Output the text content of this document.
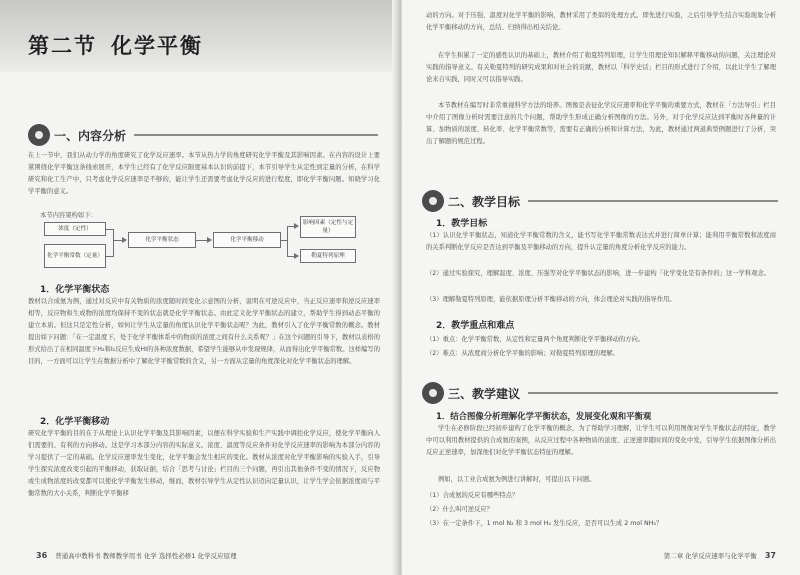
第二节 化学平衡
一、内容分析
在上一节中，我们从动力学的角度研究了化学反应速率。本节从热力学的角度研究化学平衡及其影响因素。在内容的设计上要紧围绕化学平衡这条线索展开，本学生已经有了化学反应限度基本认识的前提下，本节引导学生从定性到定量的分析，在科学研究和化工生产中，只考虑化学反应速率是不够的，能让学生还需要考虑化学反应的进行程度，即化学平衡问题。知晓学习化学平衡的意义。
本节内容架构如下：
浓度（定性）
化学平衡常数（定量）
化学平衡状态	化学平衡移动
影响因素（定性与定量）
勒夏特列原理
1．化学平衡状态
教材以合成氨为例，通过对反应中有关物质的浓度随时间变化示意图的分析，说明在可逆反应中，当正反应速率和逆反应速率相等，反应物和生成物的浓度均保持不变的状态就是化学平衡状态。由此定义化学平衡状态的建立，帮助学生得到动态平衡的建立本质。但这只是定性分析，如何让学生从定量的角度认识化学平衡状态呢？为此，教材引入了化学平衡常数的概念。教材提出如下问题：「在一定温度下，处于化学平衡体系中的物质的浓度之间有什么关系呢？」在这个问题的引导下，教材以表格的形式给出了在相同温度下H₂和I₂反应生成HI的各种浓度数据，希望学生能够从中发现规律，从而得出化学平衡常数。这样编写的目的，一方面可以让学生在数据分析中了解化学平衡常数的含义，另一方面从定量的角度深化对化学平衡状态的理解。
2．化学平衡移动
研究化学平衡的目的在于从理论上认识化学平衡及其影响因素，以便在科学实验和生产实践中调控化学反应，使化学平衡向人们需要的、有利的方向移动。这是学习本部分内容的实际意义。浓度、温度等反应条件对化学反应速率的影响为本部分内容的学习提供了一定的基础。化学反应速率发生变化，化学平衡会发生相应的变化。教材从浓度对化学平衡影响的实验入手，引导学生探究浓度改变引起的平衡移动，获取证据，结合「思考与讨论」栏目的三个问题，再引出其他条件不变的情况下，反应物或生成物浓度的改变都可以使化学平衡发生移动，继而，教材引导学生从定性认识迈向定量认识，让学生学会依据浓度商与平衡常数的大小关系，判断化学平衡移
36 普通高中教科书 教师教学用书 化学 选择性必修1 化学反应原理
动的方向。对于压强、温度对化学平衡的影响，教材采用了类似的处理方式。即先进行实验，之后引导学生结合实验现象分析化学平衡移动的方向，总结、归纳得出相关结论。
在学生积累了一定的感性认识的基础上，教材介绍了勒夏特列原理，让学生用理论知识解释平衡移动的问题，关注理论对实践的指导意义。有关勒夏特列的研究成果和对社会的贡献，教材以「科学史话」栏目的形式进行了介绍，以此让学生了解理论来自实践，同时又可以指导实践。
本节教材在编写时非常重视科学方法的培养。图像是表征化学反应速率和化学平衡的重要方式，教材在「方法导引」栏目中介绍了图像分析时需要注意的几个问题，帮助学生形成正确分析图像的方法。另外，对于化学反应达到平衡时各种量的计算、加物质的浓度、转化率、化学平衡常数等，需要有正确的分析和计算方法，为此，教材通过两道典型例题进行了分析，突出了解题的规范过程。
二、教学目标
1．教学目标
（1）认识化学平衡状态，知道化学平衡常数的含义，能书写化学平衡常数表达式并进行简单计算；能利用平衡常数和浓度商的关系判断化学反应是否达到平衡及平衡移动的方向，提升认定量的角度分析化学反应的能力。
（2）通过实验探究，理解温度、浓度、压强等对化学平衡状态的影响，进一步建构「化学变化是有条件的」这一学科观念。
（3）理解勒夏特列原理，能依据原理分析平衡移动的方向，体会理论对实践的指导作用。
2．教学重点和难点
（1）重点：化学平衡常数，从定性和定量两个角度判断化学平衡移动的方向。
（2）难点：从浓度商分析化学平衡的影响；对勒夏特列原理的理解。
三、教学建议
1．结合图像分析理解化学平衡状态，发展变化观和平衡观
学生在必修阶段已经初步建构了化学平衡的概念，为了帮助学习理解，让学生可以利用图像对学生平衡状态的特征，教学中可以利用教材提供的合成氨的案例，从反应过程中各种物质的浓度、正逆速率随时间的变化中发，引导学生依据图像分析出反应正逆速率，加深他们对化学平衡状态特征的理解。
例如，以工业合成氨为例进行讲解时，可提出以下问题。
（1）合成氨的反应有哪些特点？
（2）什么叫可逆反应？
（3）在一定条件下，1 mol N₂ 和 3 mol H₂ 发生反应，是否可以生成 2 mol NH₃？
第二章 化学反应速率与化学平衡 37
